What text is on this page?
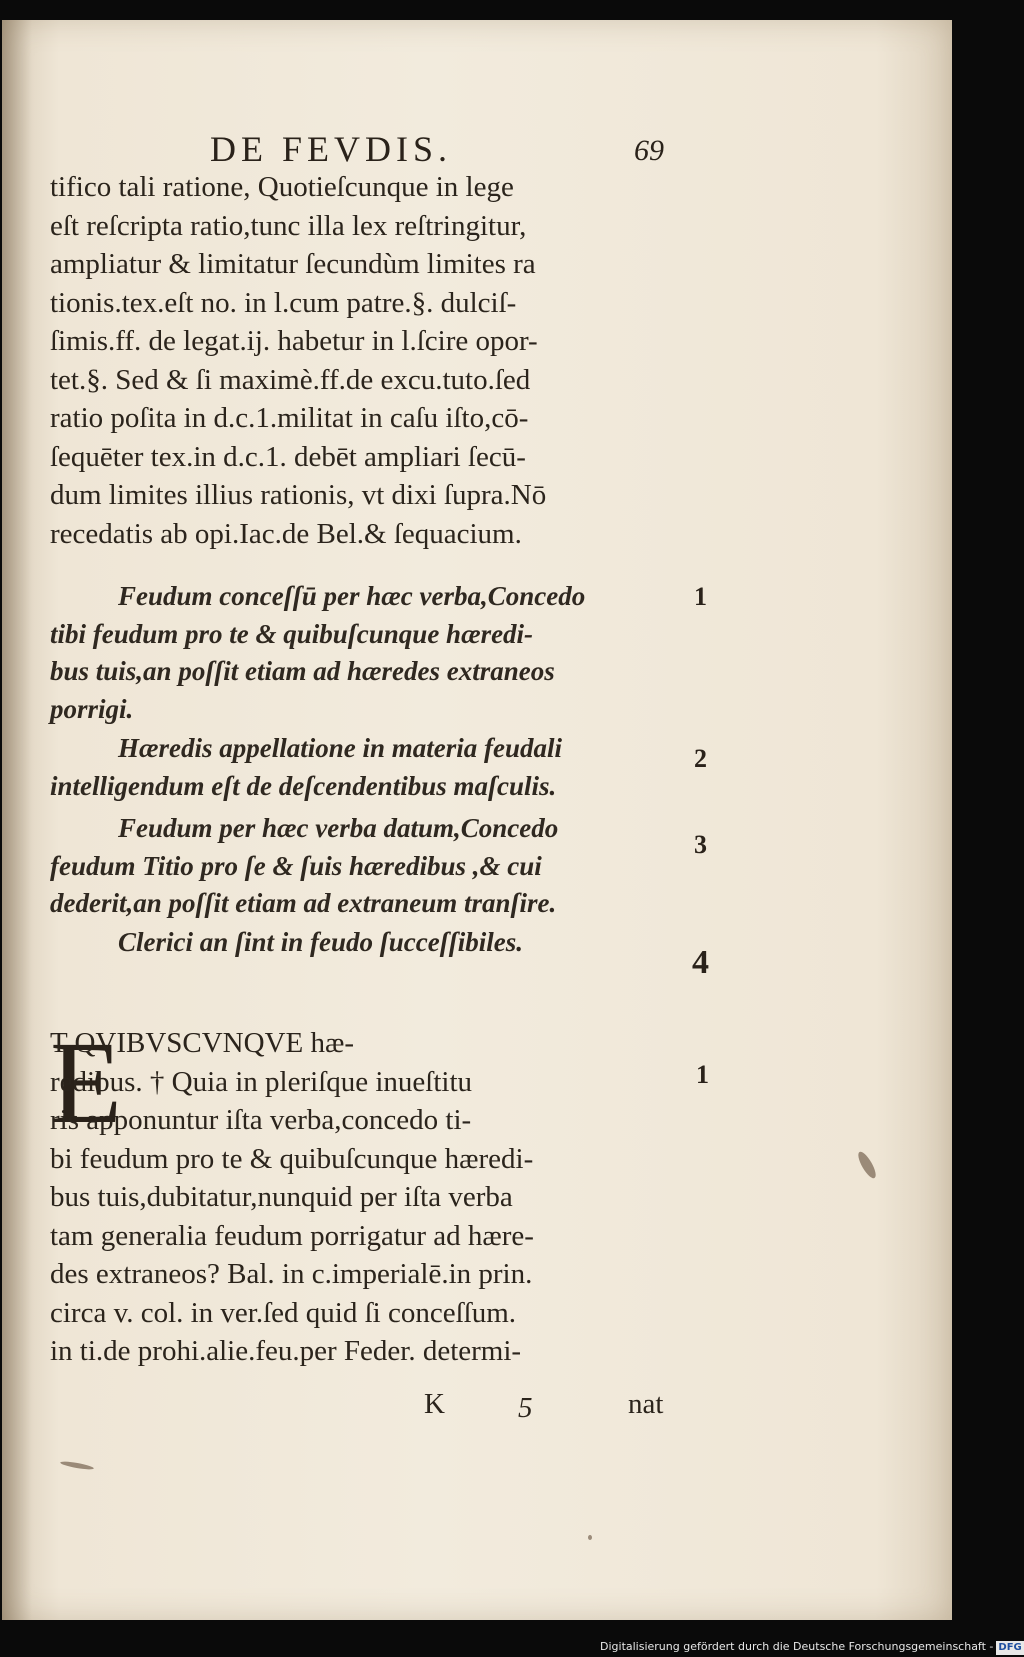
DE FEVDIS.	69
tifico tali ratione, Quotieſcunque in lege
eſt reſcripta ratio,tunc illa lex reſtringitur,
ampliatur & limitatur ſecundùm limites ra
tionis.tex.eſt no. in l.cum patre.§. dulciſ-
ſimis.ff. de legat.ij. habetur in l.ſcire opor-
tet.§. Sed & ſi maximè.ff.de excu.tuto.ſed
ratio poſita in d.c.1.militat in caſu iſto,cō-
ſequēter tex.in d.c.1. debēt ampliari ſecū-
dum limites illius rationis, vt dixi ſupra.Nō
recedatis ab opi.Iac.de Bel.& ſequacium.
Feudum conceſſū per hæc verba,Concedo
tibi feudum pro te & quibuſcunque hæredi-
bus tuis,an poſſit etiam ad hæredes extraneos
porrigi.
1
Hæredis appellatione in materia feudali
intelligendum eſt de deſcendentibus maſculis.
2
Feudum per hæc verba datum,Concedo
feudum Titio pro ſe & ſuis hæredibus ,& cui
dederit,an poſſit etiam ad extraneum tranſire.
3
Clerici an ſint in feudo ſucceſſibiles.
4
E	1
T QVIBVSCVNQVE hæ-
redibus. † Quia in pleriſque inueſtitu
ris apponuntur iſta verba,concedo ti-
bi feudum pro te & quibuſcunque hæredi-
bus tuis,dubitatur,nunquid per iſta verba
tam generalia feudum porrigatur ad hære-
des extraneos? Bal. in c.imperialē.in prin.
circa v. col. in ver.ſed quid ſi conceſſum.
in ti.de prohi.alie.feu.per Feder. determi-
K	5	nat
Digitalisierung gefördert durch die Deutsche Forschungsgemeinschaft - DFG
